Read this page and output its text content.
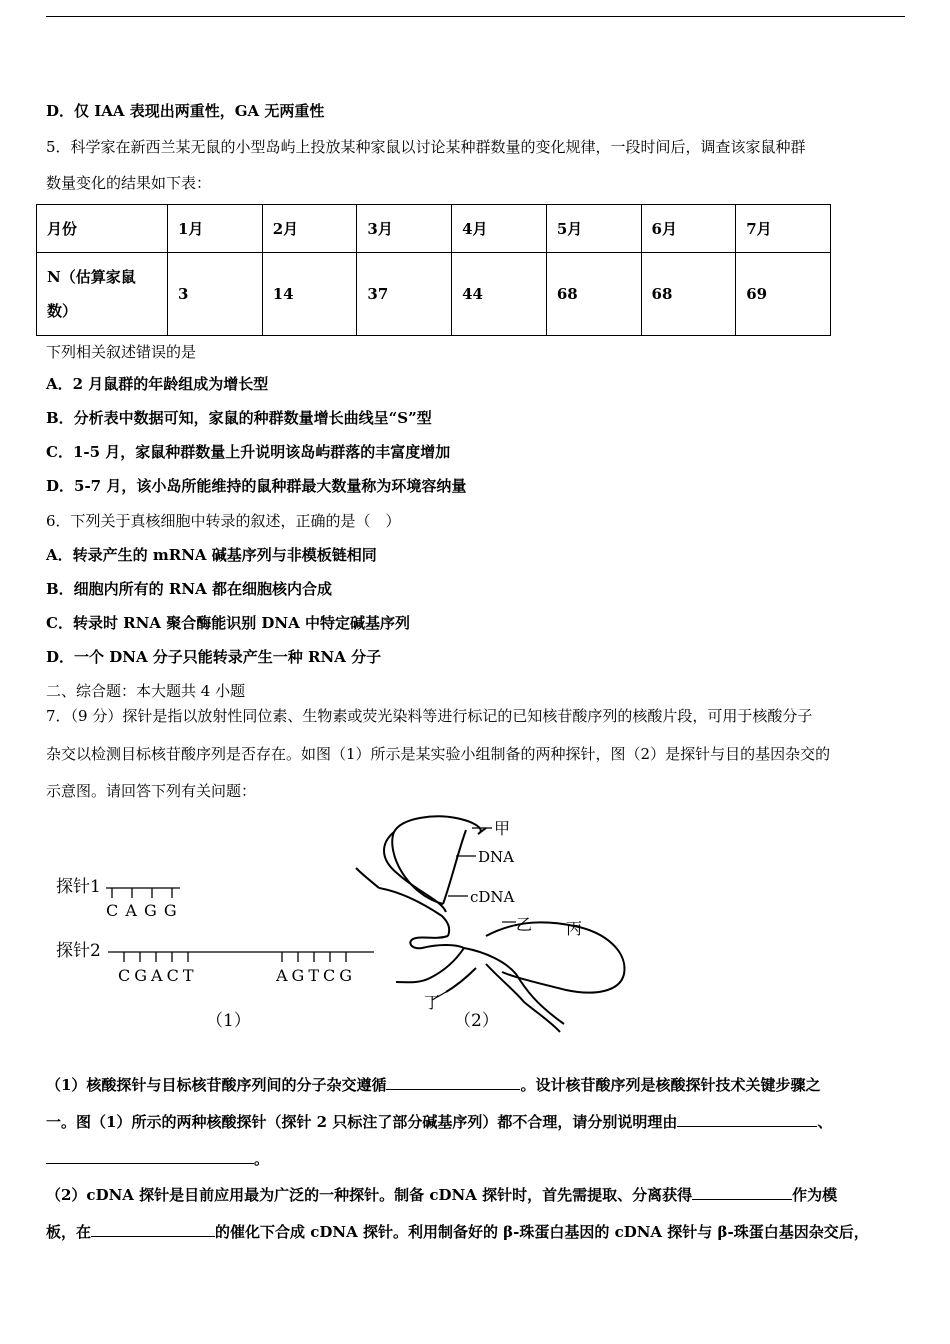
D．仅 IAA 表现出两重性，GA 无两重性
5．科学家在新西兰某无鼠的小型岛屿上投放某种家鼠以讨论某种群数量的变化规律，一段时间后，调查该家鼠种群
数量变化的结果如下表：
月份	1月	2月	3月	4月	5月	6月	7月
N（估算家鼠
数）	3	14	37	44	68	68	69
下列相关叙述错误的是
A．2 月鼠群的年龄组成为增长型
B．分析表中数据可知，家鼠的种群数量增长曲线呈“S”型
C．1-5 月，家鼠种群数量上升说明该岛屿群落的丰富度增加
D．5-7 月，该小岛所能维持的鼠种群最大数量称为环境容纳量
6．下列关于真核细胞中转录的叙述，正确的是（　）
A．转录产生的 mRNA 碱基序列与非模板链相同
B．细胞内所有的 RNA 都在细胞核内合成
C．转录时 RNA 聚合酶能识别 DNA 中特定碱基序列
D．一个 DNA 分子只能转录产生一种 RNA 分子
二、综合题：本大题共 4 小题
7．（9 分）探针是指以放射性同位素、生物素或荧光染料等进行标记的已知核苷酸序列的核酸片段，可用于核酸分子
杂交以检测目标核苷酸序列是否存在。如图（1）所示是某实验小组制备的两种探针，图（2）是探针与目的基因杂交的
示意图。请回答下列有关问题：
探针1
C A G G
探针2
CGACT	AGTCG
（1）
甲
DNA
cDNA
乙 丙
丁
（2）
（1）核酸探针与目标核苷酸序列间的分子杂交遵循	。设计核苷酸序列是核酸探针技术关键步骤之
一。图（1）所示的两种核酸探针（探针 2 只标注了部分碱基序列）都不合理，请分别说明理由	、
。
（2）cDNA 探针是目前应用最为广泛的一种探针。制备 cDNA 探针时，首先需提取、分离获得	作为模
板，在	的催化下合成 cDNA 探针。利用制备好的 β-珠蛋白基因的 cDNA 探针与 β-珠蛋白基因杂交后，
